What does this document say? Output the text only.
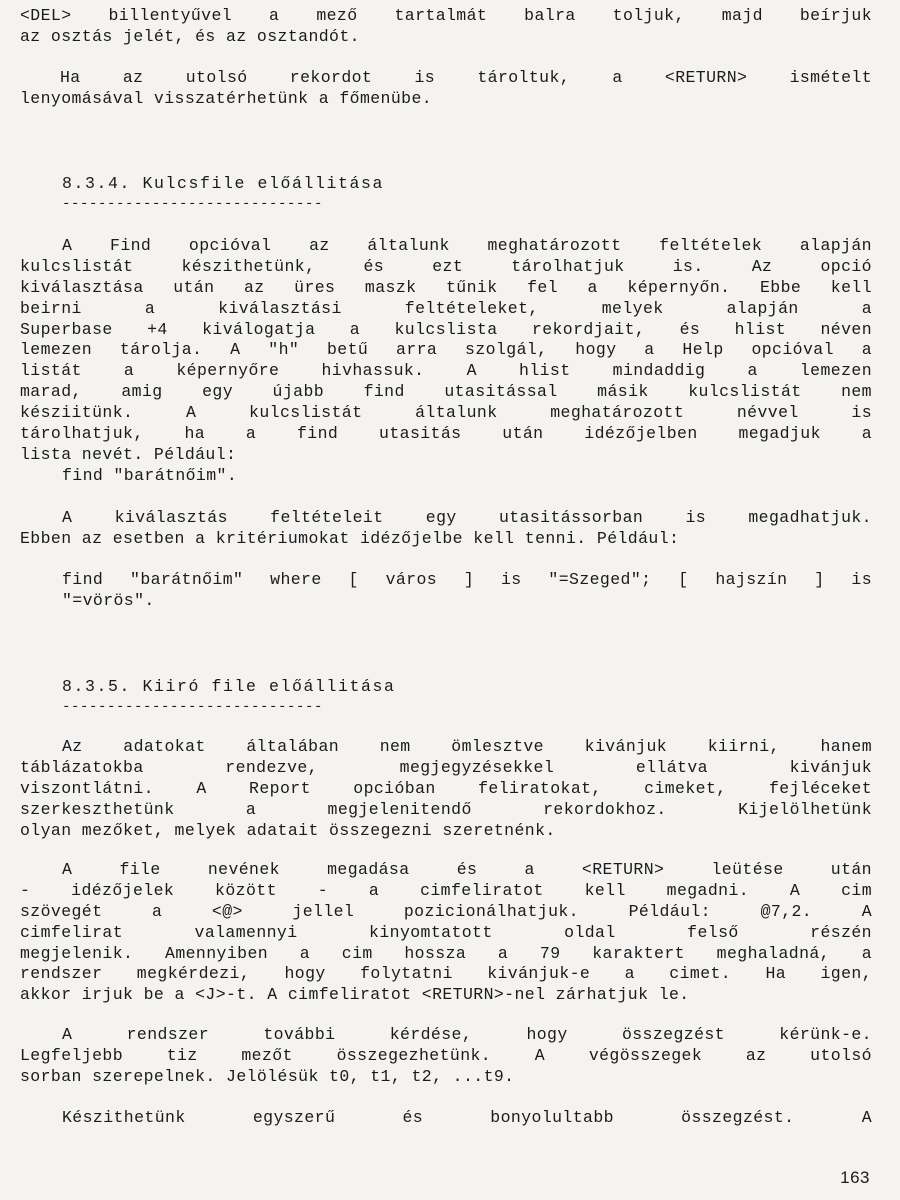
<DEL> billentyűvel a mező tartalmát balra toljuk, majd beírjuk
az osztás jelét, és az osztandót.
Ha az utolsó rekordot is tároltuk, a <RETURN> ismételt
lenyomásával visszatérhetünk a főmenübe.
8.3.4. Kulcsfile előállitása
-----------------------------
A Find opcióval az általunk meghatározott feltételek alapján
kulcslistát készithetünk, és ezt tárolhatjuk is. Az opció
kiválasztása után az üres maszk tűnik fel a képernyőn. Ebbe kell
beirni a kiválasztási feltételeket, melyek alapján a
Superbase +4 kiválogatja a kulcslista rekordjait, és hlist néven
lemezen tárolja. A "h" betű arra szolgál, hogy a Help opcióval a
listát a képernyőre hivhassuk. A hlist mindaddig a lemezen
marad, amig egy újabb find utasitással másik kulcslistát nem
késziitünk. A kulcslistát általunk meghatározott névvel is
tárolhatjuk, ha a find utasitás után idézőjelben megadjuk a
lista nevét. Például:
find "barátnőim".
A kiválasztás feltételeit egy utasitássorban is megadhatjuk.
Ebben az esetben a kritériumokat idézőjelbe kell tenni. Például:
find "barátnőim" where [ város ] is "=Szeged"; [ hajszín ] is
"=vörös".
8.3.5. Kiiró file előállitása
-----------------------------
Az adatokat általában nem ömlesztve kivánjuk kiirni, hanem
táblázatokba rendezve, megjegyzésekkel ellátva kivánjuk
viszontlátni. A Report opcióban feliratokat, cimeket, fejléceket
szerkeszthetünk a megjelenitendő rekordokhoz. Kijelölhetünk
olyan mezőket, melyek adatait összegezni szeretnénk.
A file nevének megadása és a <RETURN> leütése után
- idézőjelek között - a cimfeliratot kell megadni. A cim
szövegét a <@> jellel pozicionálhatjuk. Például: @7,2. A
cimfelirat valamennyi kinyomtatott oldal felső részén
megjelenik. Amennyiben a cim hossza a 79 karaktert meghaladná, a
rendszer megkérdezi, hogy folytatni kivánjuk-e a cimet. Ha igen,
akkor irjuk be a <J>-t. A cimfeliratot <RETURN>-nel zárhatjuk le.
A rendszer további kérdése, hogy összegzést kérünk-e.
Legfeljebb tiz mezőt összegezhetünk. A végösszegek az utolsó
sorban szerepelnek. Jelölésük t0, t1, t2, ...t9.
Készithetünk egyszerű és bonyolultabb összegzést. A
163
